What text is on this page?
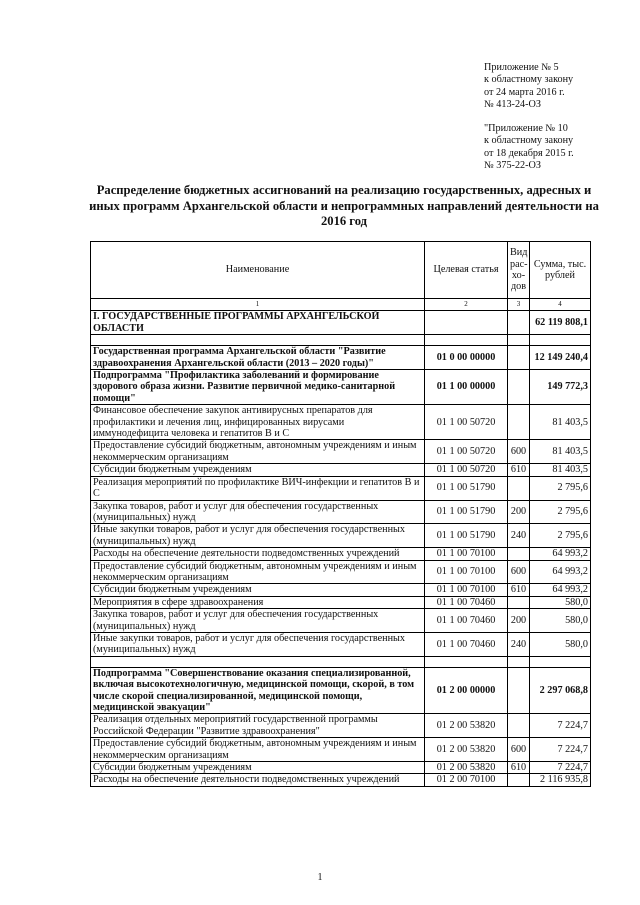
Приложение № 5
к областному закону
от 24 марта 2016 г.
№ 413-24-ОЗ
"Приложение № 10
к областному закону
от 18 декабря 2015 г.
№ 375-22-ОЗ
Распределение бюджетных ассигнований на реализацию государственных, адресных и иных программ Архангельской области и непрограммных направлений деятельности на 2016 год
Наименование	Целевая статья	Вид рас- хо- дов	Сумма, тыс. рублей
1	2	3	4
I. ГОСУДАРСТВЕННЫЕ ПРОГРАММЫ АРХАНГЕЛЬСКОЙ ОБЛАСТИ			62 119 808,1

Государственная программа Архангельской области "Развитие здравоохранения Архангельской области (2013 – 2020 годы)"	01 0 00 00000		12 149 240,4
Подпрограмма "Профилактика заболеваний и формирование здорового образа жизни. Развитие первичной медико-санитарной помощи"	01 1 00 00000		149 772,3
Финансовое обеспечение закупок антивирусных препаратов для профилактики и лечения лиц, инфицированных вирусами иммунодефицита человека и гепатитов В и С	01 1 00 50720		81 403,5
Предоставление субсидий бюджетным, автономным учреждениям и иным некоммерческим организациям	01 1 00 50720	600	81 403,5
Субсидии бюджетным учреждениям	01 1 00 50720	610	81 403,5
Реализация мероприятий по профилактике ВИЧ-инфекции и гепатитов В и С	01 1 00 51790		2 795,6
Закупка товаров, работ и услуг для обеспечения государственных (муниципальных) нужд	01 1 00 51790	200	2 795,6
Иные закупки товаров, работ и услуг для обеспечения государственных (муниципальных) нужд	01 1 00 51790	240	2 795,6
Расходы на обеспечение деятельности подведомственных учреждений	01 1 00 70100		64 993,2
Предоставление субсидий бюджетным, автономным учреждениям и иным некоммерческим организациям	01 1 00 70100	600	64 993,2
Субсидии бюджетным учреждениям	01 1 00 70100	610	64 993,2
Мероприятия в сфере здравоохранения	01 1 00 70460		580,0
Закупка товаров, работ и услуг для обеспечения государственных (муниципальных) нужд	01 1 00 70460	200	580,0
Иные закупки товаров, работ и услуг для обеспечения государственных (муниципальных) нужд	01 1 00 70460	240	580,0

Подпрограмма "Совершенствование оказания специализированной, включая высокотехнологичную, медицинской помощи, скорой, в том числе скорой специализированной, медицинской помощи, медицинской эвакуации"	01 2 00 00000		2 297 068,8
Реализация отдельных мероприятий государственной программы Российской Федерации "Развитие здравоохранения"	01 2 00 53820		7 224,7
Предоставление субсидий бюджетным, автономным учреждениям и иным некоммерческим организациям	01 2 00 53820	600	7 224,7
Субсидии бюджетным учреждениям	01 2 00 53820	610	7 224,7
Расходы на обеспечение деятельности подведомственных учреждений	01 2 00 70100		2 116 935,8
1
